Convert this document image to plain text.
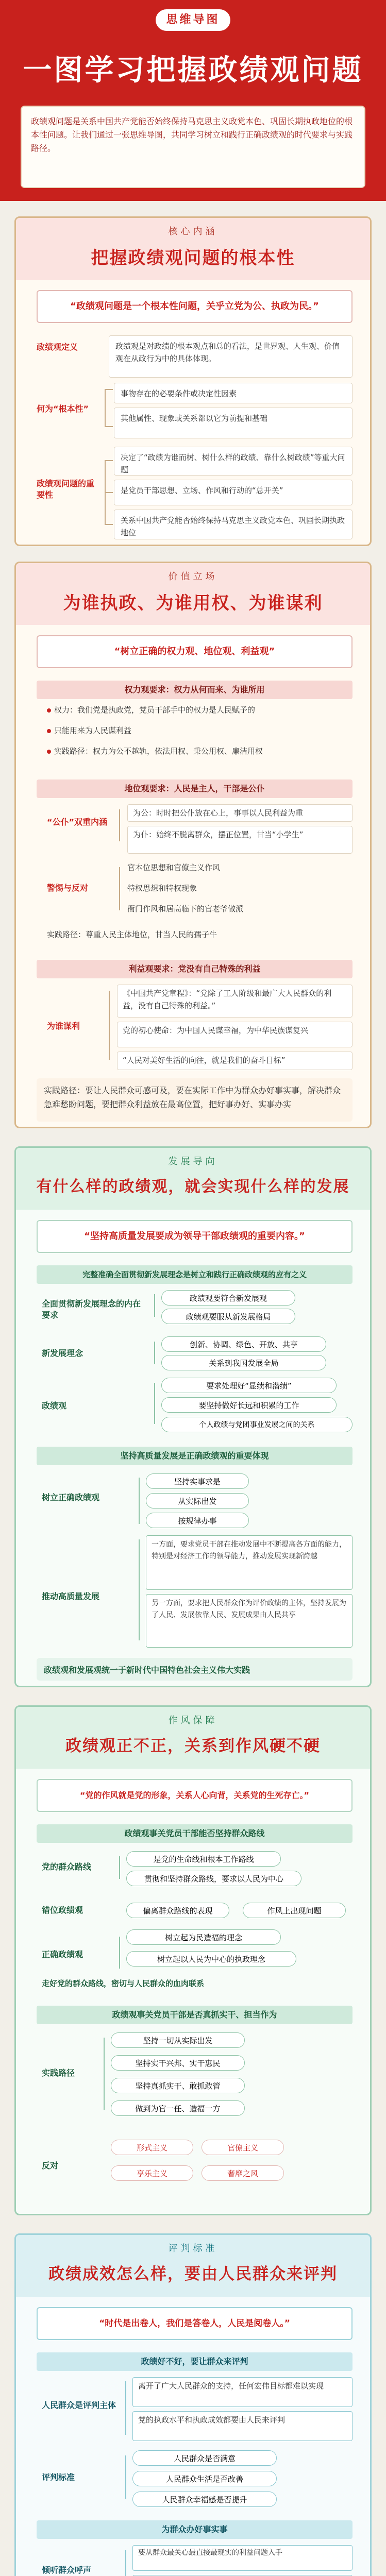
思维导图
一图学习把握政绩观问题
政绩观问题是关系中国共产党能否始终保持马克思主义政党本色、巩固长期执政地位的根本性问题。让我们通过一张思维导图，共同学习树立和践行正确政绩观的时代要求与实践路径。
核心内涵
把握政绩观问题的根本性
“政绩观问题是一个根本性问题，关乎立党为公、执政为民。”
政绩观定义	政绩观是对政绩的根本观点和总的看法，是世界观、人生观、价值观在从政行为中的具体体现。
何为“根本性”
事物存在的必要条件或决定性因素
其他属性、现象或关系都以它为前提和基础
政绩观问题的重要性
决定了“政绩为谁而树、树什么样的政绩、靠什么树政绩”等重大问题
是党员干部思想、立场、作风和行动的“总开关”
关系中国共产党能否始终保持马克思主义政党本色、巩固长期执政地位
价值立场
为谁执政、为谁用权、为谁谋利
“树立正确的权力观、地位观、利益观”
权力观要求：权力从何而来、为谁所用
权力：我们党是执政党，党员干部手中的权力是人民赋予的
只能用来为人民谋利益
实践路径：权力为公不越轨，依法用权、秉公用权、廉洁用权
地位观要求：人民是主人，干部是公仆
“公仆”双重内涵
为公：时时把公仆放在心上，事事以人民利益为重
为仆：始终不脱离群众，摆正位置，甘当“小学生”
警惕与反对
官本位思想和官僚主义作风
特权思想和特权现象
衙门作风和居高临下的官老爷做派
实践路径：尊重人民主体地位，甘当人民的孺子牛
利益观要求：党没有自己特殊的利益
为谁谋利
《中国共产党章程》：“党除了工人阶级和最广大人民群众的利益，没有自己特殊的利益。”
党的初心使命：为中国人民谋幸福，为中华民族谋复兴
“人民对美好生活的向往，就是我们的奋斗目标”
实践路径：要让人民群众可感可及，要在实际工作中为群众办好事实事，解决群众急难愁盼问题，要把群众利益放在最高位置，把好事办好、实事办实
发展导向
有什么样的政绩观，就会实现什么样的发展
“坚持高质量发展要成为领导干部政绩观的重要内容。”
完整准确全面贯彻新发展理念是树立和践行正确政绩观的应有之义
全面贯彻新发展理念的内在要求
政绩观要符合新发展观
政绩观要服从新发展格局
新发展理念
创新、协调、绿色、开放、共享
关系到我国发展全局
政绩观
要求处理好“显绩和潜绩”
要坚持做好长远和积累的工作
个人政绩与党团事业发展之间的关系
坚持高质量发展是正确政绩观的重要体现
树立正确政绩观
坚持实事求是
从实际出发
按规律办事
推动高质量发展
一方面，要求党员干部在推动发展中不断提高各方面的能力，特别是对经济工作的领导能力，推动发展实现新跨越
另一方面，要求把人民群众作为评价政绩的主体，坚持发展为了人民、发展依靠人民、发展成果由人民共享
政绩观和发展观统一于新时代中国特色社会主义伟大实践
作风保障
政绩观正不正，关系到作风硬不硬
“党的作风就是党的形象，关系人心向背，关系党的生死存亡。”
政绩观事关党员干部能否坚持群众路线
党的群众路线
是党的生命线和根本工作路线
贯彻和坚持群众路线，要求以人民为中心
错位政绩观	偏离群众路线的表现	作风上出现问题
正确政绩观
树立起为民造福的理念
树立起以人民为中心的执政理念
走好党的群众路线，密切与人民群众的血肉联系
政绩观事关党员干部是否真抓实干、担当作为
实践路径
坚持一切从实际出发
坚持实干兴邦、实干惠民
坚持真抓实干、敢抓敢管
做到为官一任、造福一方
反对
形式主义	官僚主义
享乐主义	奢靡之风
评判标准
政绩成效怎么样，要由人民群众来评判
“时代是出卷人，我们是答卷人，人民是阅卷人。”
政绩好不好，要让群众来评判
人民群众是评判主体
离开了广大人民群众的支持，任何宏伟目标都难以实现
党的执政水平和执政成效都要由人民来评判
评判标准
人民群众是否满意
人民群众生活是否改善
人民群众幸福感是否提升
为群众办好事实事
倾听群众呼声
要从群众最关心最直接最现实的利益问题入手
